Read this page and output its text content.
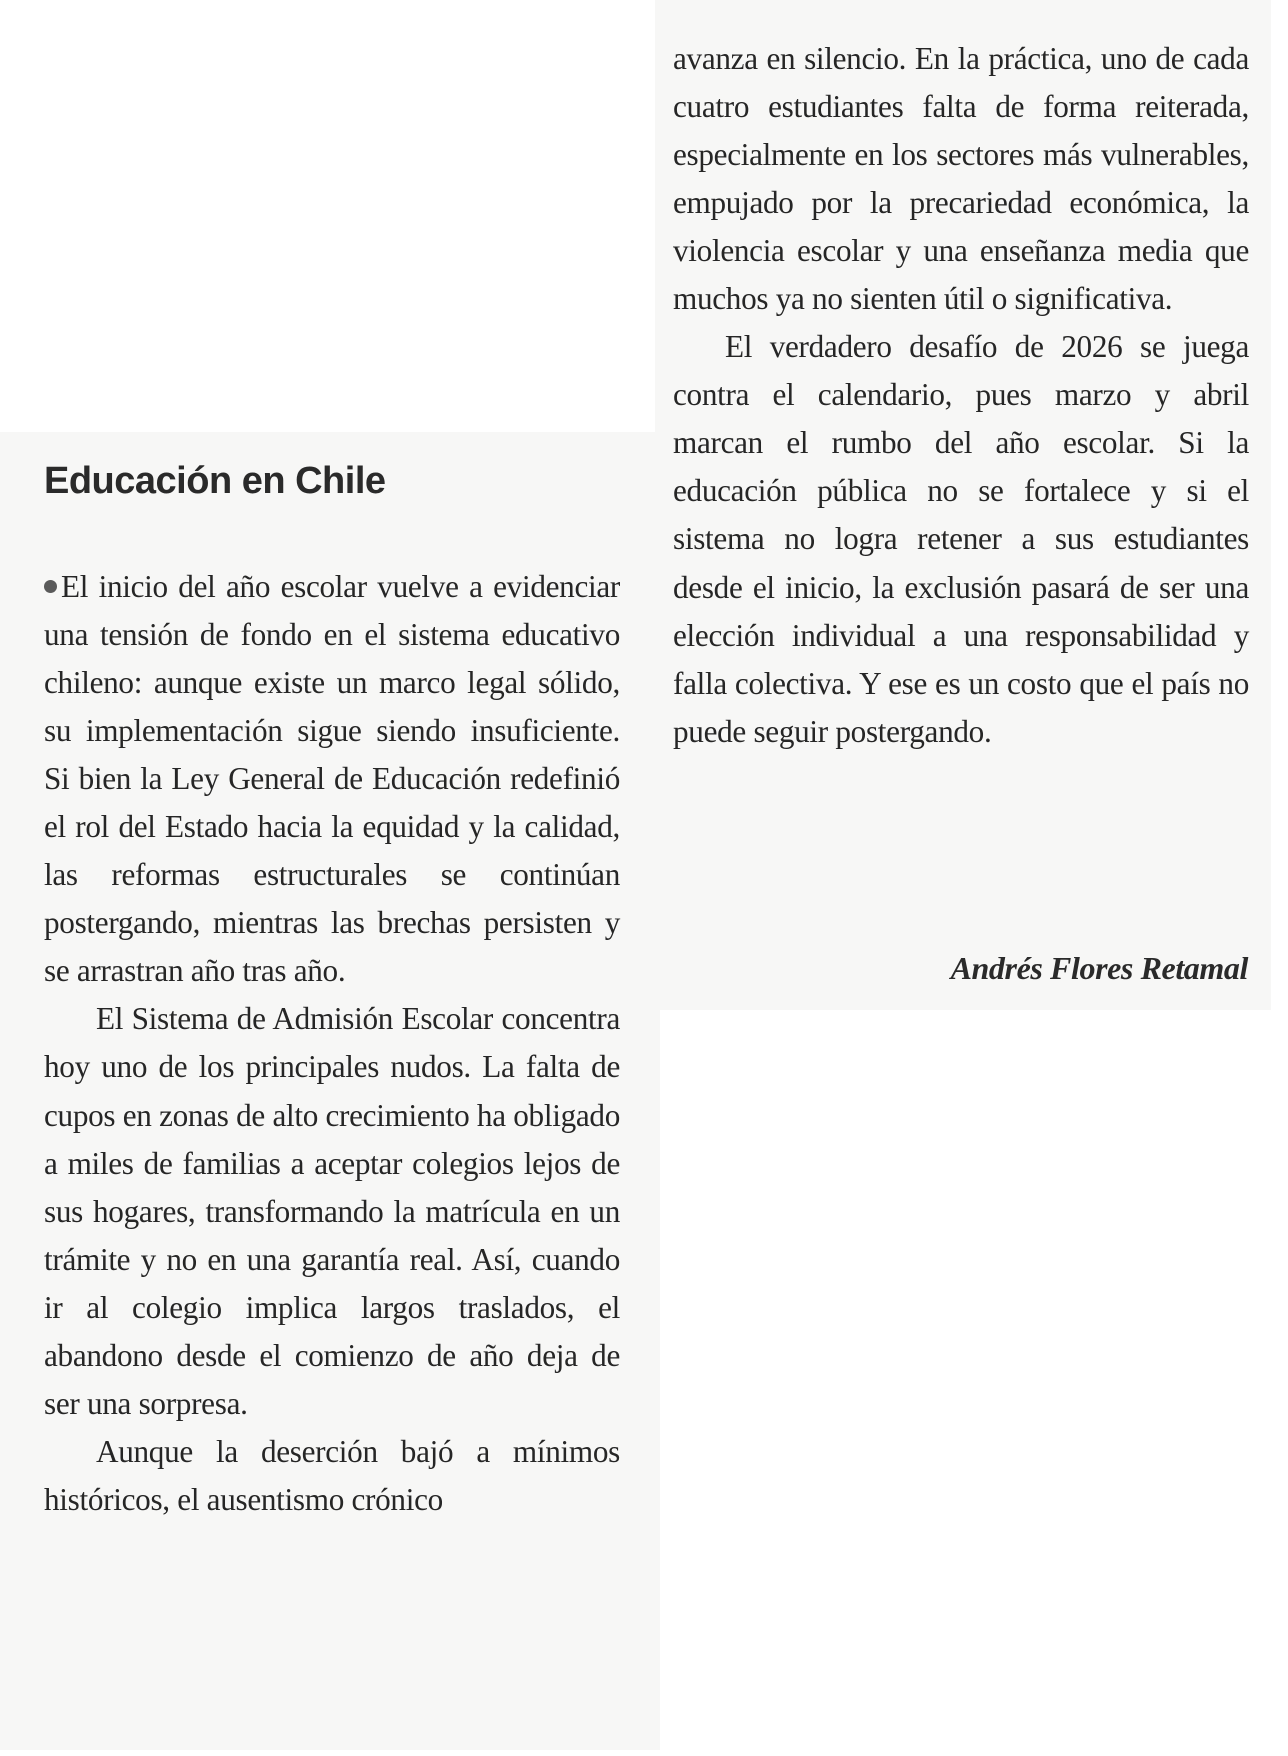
Educación en Chile

El inicio del año escolar vuelve a evidenciar una tensión de fondo en el sistema educativo chileno: aunque existe un marco legal sólido, su implementación sigue siendo insuficiente. Si bien la Ley General de Educación redefinió el rol del Estado hacia la equidad y la calidad, las reformas estructurales se continúan postergando, mientras las brechas persisten y se arrastran año tras año.

El Sistema de Admisión Escolar concentra hoy uno de los principales nudos. La falta de cupos en zonas de alto crecimiento ha obligado a miles de familias a aceptar colegios lejos de sus hogares, transformando la matrícula en un trámite y no en una garantía real. Así, cuando ir al colegio implica largos traslados, el abandono desde el comienzo de año deja de ser una sorpresa.

Aunque la deserción bajó a mínimos históricos, el ausentismo crónico

avanza en silencio. En la práctica, uno de cada cuatro estudiantes falta de forma reiterada, especialmente en los sectores más vulnerables, empujado por la precariedad económica, la violencia escolar y una enseñanza media que muchos ya no sienten útil o significativa.

El verdadero desafío de 2026 se juega contra el calendario, pues marzo y abril marcan el rumbo del año escolar. Si la educación pública no se fortalece y si el sistema no logra retener a sus estudiantes desde el inicio, la exclusión pasará de ser una elección individual a una responsabilidad y falla colectiva. Y ese es un costo que el país no puede seguir postergando.

Andrés Flores Retamal
